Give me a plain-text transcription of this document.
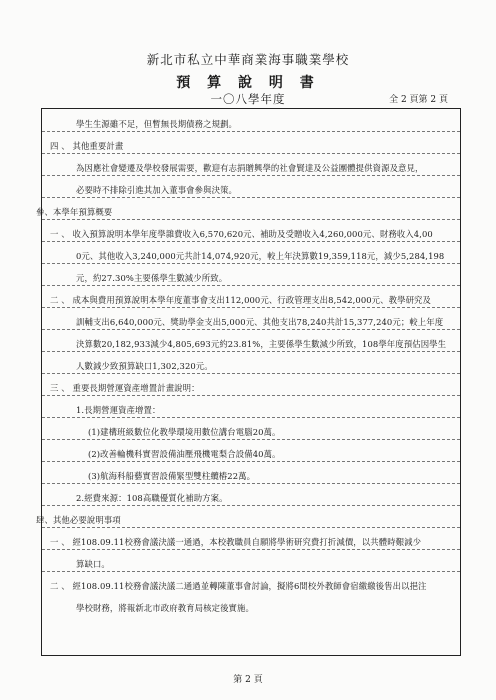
新北市私立中華商業海事職業學校
預 算 說 明 書
一〇八學年度	全 2 頁第 2 頁
學生生源雖不足，但暫無長期債務之規劃。
四 、 其他重要計畫
為因應社會變遷及學校發展需要，歡迎有志捐贈興學的社會賢達及公益團體提供資源及意見，
必要時不排除引進其加入董事會參與決策。
參、本學年預算概要
一 、 收入預算說明本學年度學雜費收入6,570,620元、補助及受贈收入4,260,000元、財務收入4,00
0元、其他收入3,240,000元共計14,074,920元，較上年決算數19,359,118元，減少5,284,198
元，約27.30%主要係學生數減少所致。
二 、 成本與費用預算說明本學年度董事會支出112,000元、行政管理支出8,542,000元、教學研究及
訓輔支出6,640,000元、獎助學金支出5,000元、其他支出78,240共計15,377,240元；較上年度
決算數20,182,933減少4,805,693元約23.81%，主要係學生數減少所致，108學年度預估因學生
人數減少致預算缺口1,302,320元。
三 、 重要長期營運資產增置計畫說明：
1.長期營運資產增置：
(1)建構班級數位化教學環境用數位講台電腦20萬。
(2)改善輪機科實習設備油壓飛機電梨合設備40萬。
(3)航海科船藝實習設備緊型雙柱纜樁22萬。
2.經費來源：108高職優質化補助方案。
肆、其他必要說明事項
一 、 經108.09.11校務會議決議一通過，本校教職員自願將學術研究費打折減價，以共體時艱減少
算缺口。
二 、 經108.09.11校務會議決議二通過並轉陳董事會討論，擬將6間校外教師會宿繳繳後售出以挹注
學校財務，將報新北市政府教育局核定後實施。
第 2 頁
